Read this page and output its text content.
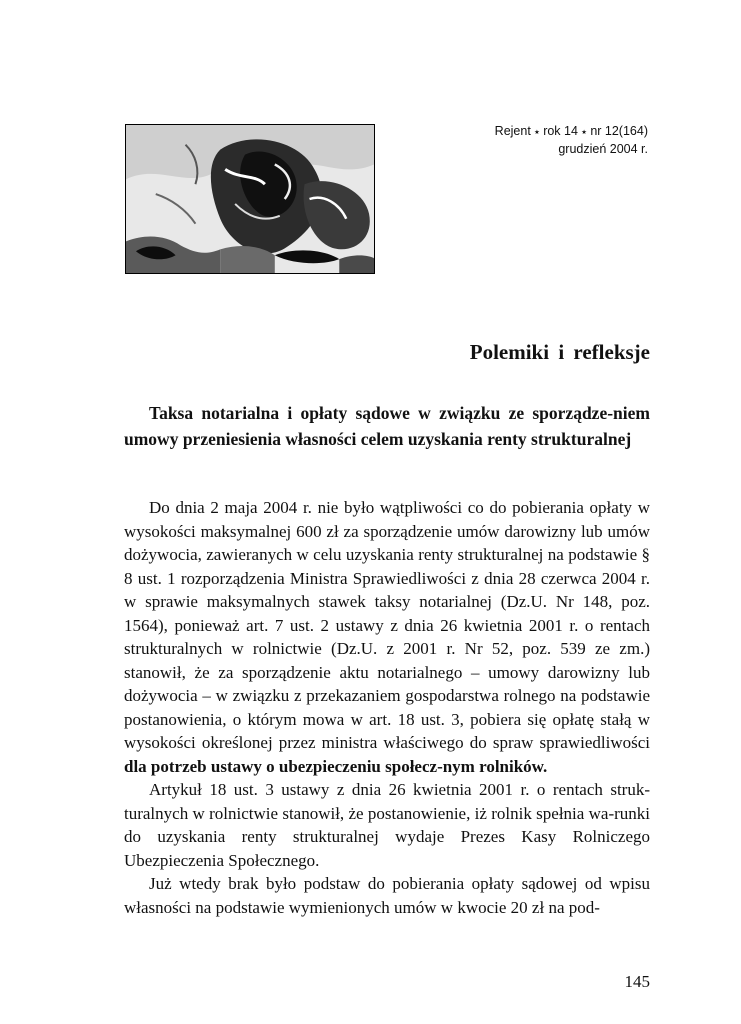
Rejent ⭑ rok 14 ⭑ nr 12(164)
grudzień 2004 r.
Polemiki i refleksje
Taksa notarialna i opłaty sądowe w związku ze sporządze-niem umowy przeniesienia własności celem uzyskania renty strukturalnej

Do dnia 2 maja 2004 r. nie było wątpliwości co do pobierania opłaty w wysokości maksymalnej 600 zł za sporządzenie umów darowizny lub umów dożywocia, zawieranych w celu uzyskania renty strukturalnej na podstawie § 8 ust. 1 rozporządzenia Ministra Sprawiedliwości z dnia 28 czerwca 2004 r. w sprawie maksymalnych stawek taksy notarialnej (Dz.U. Nr 148, poz. 1564), ponieważ art. 7 ust. 2 ustawy z dnia 26 kwietnia 2001 r. o rentach strukturalnych w rolnictwie (Dz.U. z 2001 r. Nr 52, poz. 539 ze zm.) stanowił, że za sporządzenie aktu notarialnego – umowy darowizny lub dożywocia – w związku z przekazaniem gospodarstwa rolnego na podstawie postanowienia, o którym mowa w art. 18 ust. 3, pobiera się opłatę stałą w wysokości określonej przez ministra właściwego do spraw sprawiedliwości dla potrzeb ustawy o ubezpieczeniu społecz-nym rolników.

Artykuł 18 ust. 3 ustawy z dnia 26 kwietnia 2001 r. o rentach struk-turalnych w rolnictwie stanowił, że postanowienie, iż rolnik spełnia wa-runki do uzyskania renty strukturalnej wydaje Prezes Kasy Rolniczego Ubezpieczenia Społecznego.

Już wtedy brak było podstaw do pobierania opłaty sądowej od wpisu własności na podstawie wymienionych umów w kwocie 20 zł na pod-

145
